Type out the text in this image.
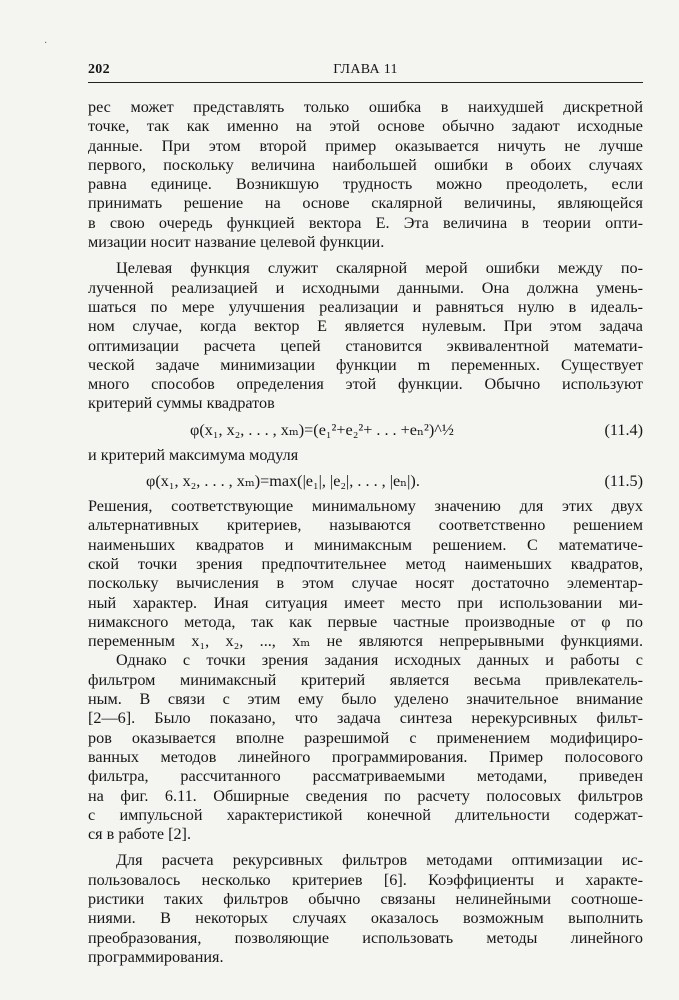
·
202	ГЛАВА 11

рес может представлять только ошибка в наихудшей дискретной
точке, так как именно на этой основе обычно задают исходные
данные. При этом второй пример оказывается ничуть не лучше
первого, поскольку величина наибольшей ошибки в обоих случаях
равна единице. Возникшую трудность можно преодолеть, если
принимать решение на основе скалярной величины, являющейся
в свою очередь функцией вектора E. Эта величина в теории опти-
мизации носит название целевой функции.

Целевая функция служит скалярной мерой ошибки между по-
лученной реализацией и исходными данными. Она должна умень-
шаться по мере улучшения реализации и равняться нулю в идеаль-
ном случае, когда вектор E является нулевым. При этом задача
оптимизации расчета цепей становится эквивалентной математи-
ческой задаче минимизации функции m переменных. Существует
много способов определения этой функции. Обычно используют
критерий суммы квадратов

φ(x₁, x₂, . . . , xₘ)=(e₁²+e₂²+ . . . +eₙ²)^½	(11.4)

и критерий максимума модуля

φ(x₁, x₂, . . . , xₘ)=max(|e₁|, |e₂|, . . . , |eₙ|).	(11.5)

Решения, соответствующие минимальному значению для этих двух
альтернативных критериев, называются соответственно решением
наименьших квадратов и минимаксным решением. С математиче-
ской точки зрения предпочтительнее метод наименьших квадратов,
поскольку вычисления в этом случае носят достаточно элементар-
ный характер. Иная ситуация имеет место при использовании ми-
нимаксного метода, так как первые частные производные от φ по
переменным x₁, x₂, ..., xₘ не являются непрерывными функциями.

Однако с точки зрения задания исходных данных и работы с
фильтром минимаксный критерий является весьма привлекатель-
ным. В связи с этим ему было уделено значительное внимание
[2—6]. Было показано, что задача синтеза нерекурсивных фильт-
ров оказывается вполне разрешимой с применением модифициро-
ванных методов линейного программирования. Пример полосового
фильтра, рассчитанного рассматриваемыми методами, приведен
на фиг. 6.11. Обширные сведения по расчету полосовых фильтров
с импульсной характеристикой конечной длительности содержат-
ся в работе [2].

Для расчета рекурсивных фильтров методами оптимизации ис-
пользовалось несколько критериев [6]. Коэффициенты и характе-
ристики таких фильтров обычно связаны нелинейными соотноше-
ниями. В некоторых случаях оказалось возможным выполнить
преобразования, позволяющие использовать методы линейного
программирования.
